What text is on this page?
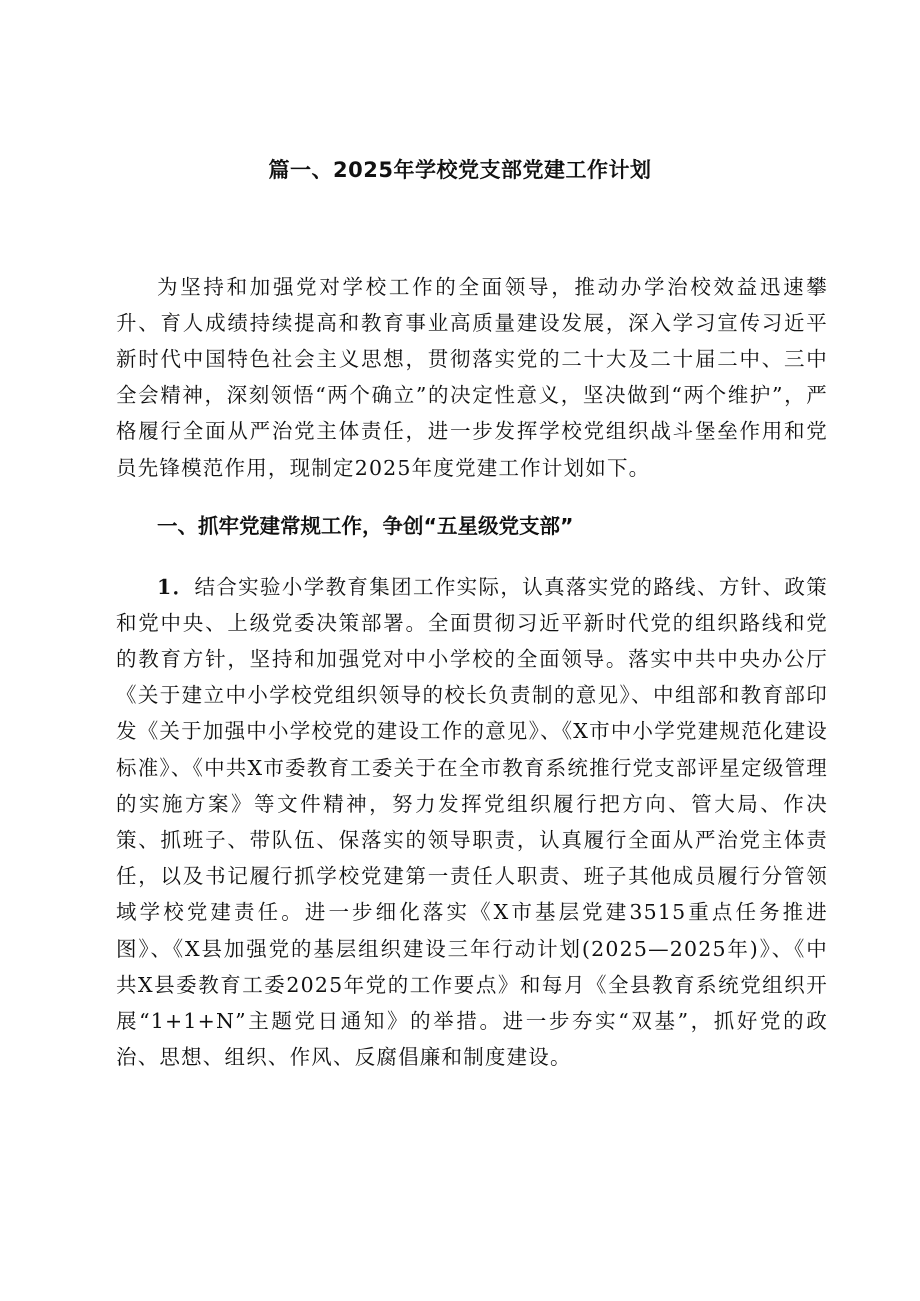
篇一、2025年学校党支部党建工作计划

为坚持和加强党对学校工作的全面领导，推动办学治校效益迅速攀升、育人成绩持续提高和教育事业高质量建设发展，深入学习宣传习近平新时代中国特色社会主义思想，贯彻落实党的二十大及二十届二中、三中全会精神，深刻领悟“两个确立”的决定性意义，坚决做到“两个维护”，严格履行全面从严治党主体责任，进一步发挥学校党组织战斗堡垒作用和党员先锋模范作用，现制定2025年度党建工作计划如下。

一、抓牢党建常规工作，争创“五星级党支部”

1．结合实验小学教育集团工作实际，认真落实党的路线、方针、政策和党中央、上级党委决策部署。全面贯彻习近平新时代党的组织路线和党的教育方针，坚持和加强党对中小学校的全面领导。落实中共中央办公厅《关于建立中小学校党组织领导的校长负责制的意见》、中组部和教育部印发《关于加强中小学校党的建设工作的意见》、《X市中小学党建规范化建设标准》、《中共X市委教育工委关于在全市教育系统推行党支部评星定级管理的实施方案》等文件精神，努力发挥党组织履行把方向、管大局、作决策、抓班子、带队伍、保落实的领导职责，认真履行全面从严治党主体责任，以及书记履行抓学校党建第一责任人职责、班子其他成员履行分管领域学校党建责任。进一步细化落实《X市基层党建3515重点任务推进图》、《X县加强党的基层组织建设三年行动计划(2025—2025年)》、《中共X县委教育工委2025年党的工作要点》和每月《全县教育系统党组织开展“1+1+N”主题党日通知》的举措。进一步夯实“双基”，抓好党的政治、思想、组织、作风、反腐倡廉和制度建设。
